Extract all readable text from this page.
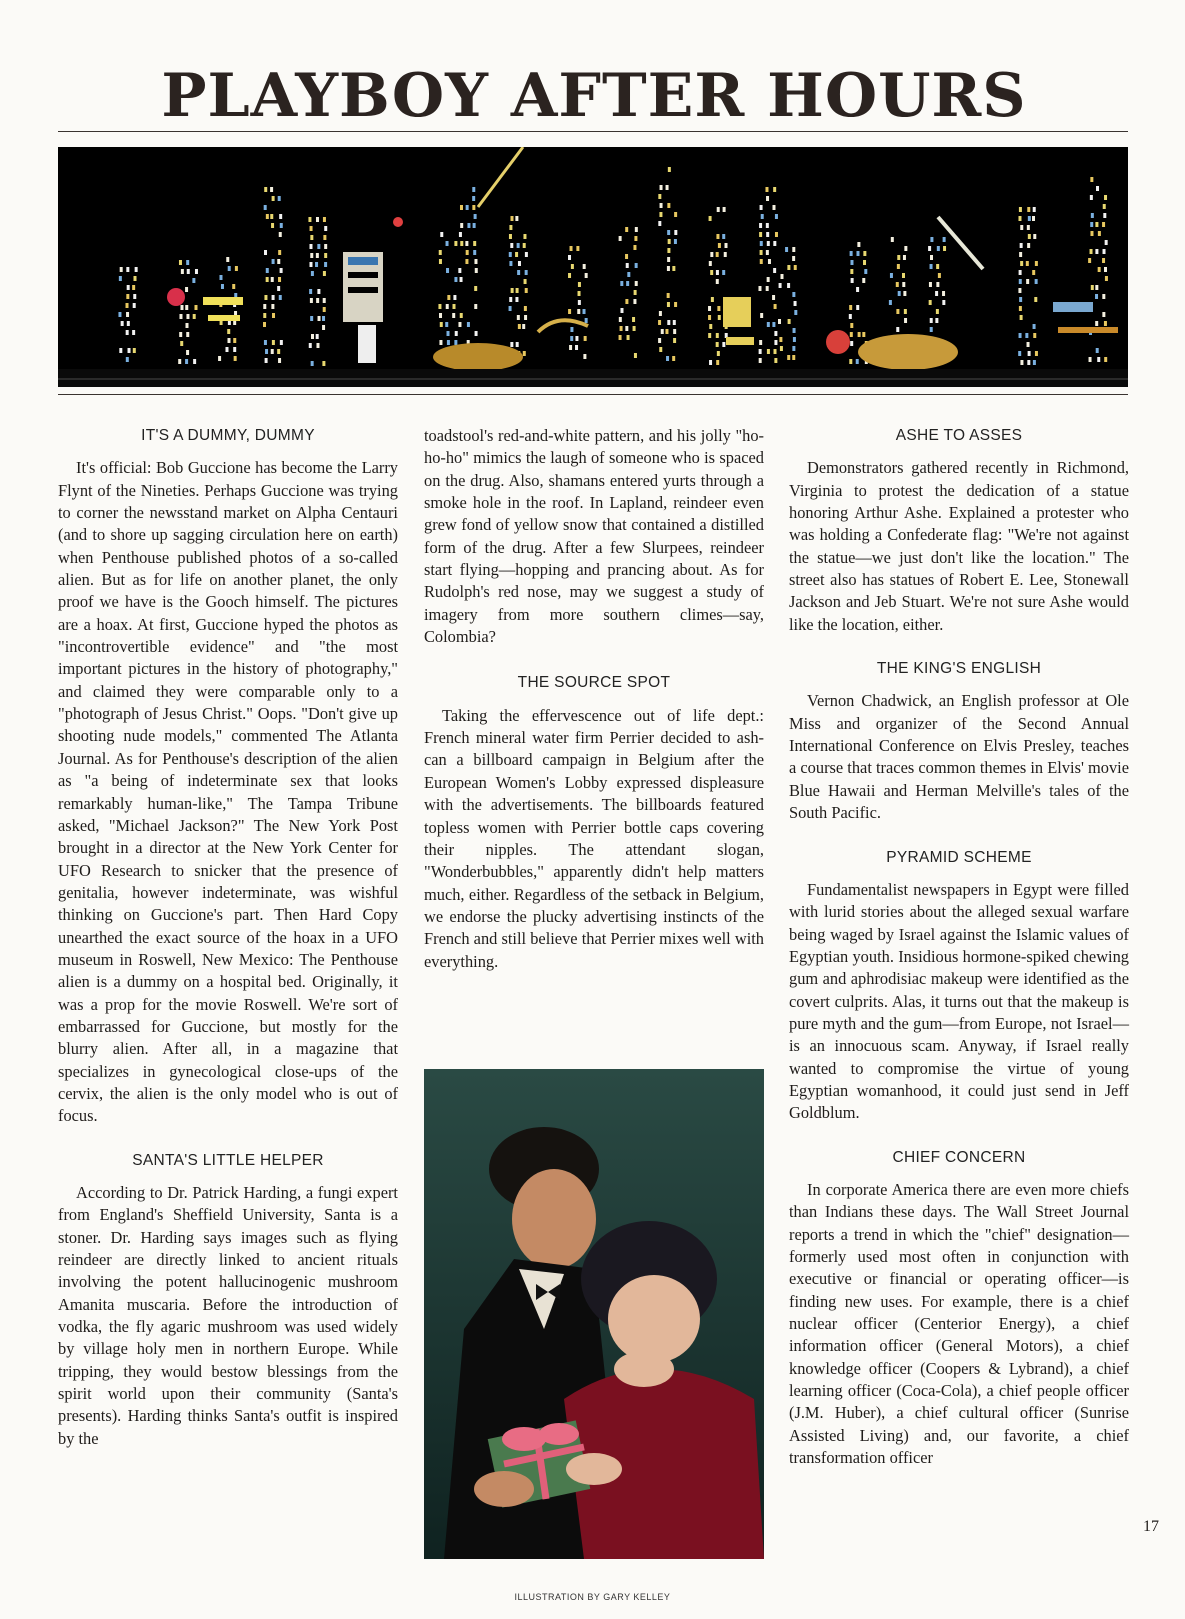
PLAYBOY AFTER HOURS
IT'S A DUMMY, DUMMY

It's official: Bob Guccione has become the Larry Flynt of the Nineties. Perhaps Guccione was trying to corner the newsstand market on Alpha Centauri (and to shore up sagging circulation here on earth) when Penthouse published photos of a so-called alien. But as for life on another planet, the only proof we have is the Gooch himself. The pictures are a hoax. At first, Guccione hyped the photos as "incontrovertible evidence" and "the most important pictures in the history of photography," and claimed they were comparable only to a "photograph of Jesus Christ." Oops. "Don't give up shooting nude models," commented The Atlanta Journal. As for Penthouse's description of the alien as "a being of indeterminate sex that looks remarkably human-like," The Tampa Tribune asked, "Michael Jackson?" The New York Post brought in a director at the New York Center for UFO Research to snicker that the presence of genitalia, however indeterminate, was wishful thinking on Guccione's part. Then Hard Copy unearthed the exact source of the hoax in a UFO museum in Roswell, New Mexico: The Penthouse alien is a dummy on a hospital bed. Originally, it was a prop for the movie Roswell. We're sort of embarrassed for Guccione, but mostly for the blurry alien. After all, in a magazine that specializes in gynecological close-ups of the cervix, the alien is the only model who is out of focus.

SANTA'S LITTLE HELPER

According to Dr. Patrick Harding, a fungi expert from England's Sheffield University, Santa is a stoner. Dr. Harding says images such as flying reindeer are directly linked to ancient rituals involving the potent hallucinogenic mushroom Amanita muscaria. Before the introduction of vodka, the fly agaric mushroom was used widely by village holy men in northern Europe. While tripping, they would bestow blessings from the spirit world upon their community (Santa's presents). Harding thinks Santa's outfit is inspired by the

toadstool's red-and-white pattern, and his jolly "ho-ho-ho" mimics the laugh of someone who is spaced on the drug. Also, shamans entered yurts through a smoke hole in the roof. In Lapland, reindeer even grew fond of yellow snow that contained a distilled form of the drug. After a few Slurpees, reindeer start flying—hopping and prancing about. As for Rudolph's red nose, may we suggest a study of imagery from more southern climes—say, Colombia?

THE SOURCE SPOT

Taking the effervescence out of life dept.: French mineral water firm Perrier decided to ash-can a billboard campaign in Belgium after the European Women's Lobby expressed displeasure with the advertisements. The billboards featured topless women with Perrier bottle caps covering their nipples. The attendant slogan, "Wonderbubbles," apparently didn't help matters much, either. Regardless of the setback in Belgium, we endorse the plucky advertising instincts of the French and still believe that Perrier mixes well with everything.

ASHE TO ASSES

Demonstrators gathered recently in Richmond, Virginia to protest the dedication of a statue honoring Arthur Ashe. Explained a protester who was holding a Confederate flag: "We're not against the statue—we just don't like the location." The street also has statues of Robert E. Lee, Stonewall Jackson and Jeb Stuart. We're not sure Ashe would like the location, either.

THE KING'S ENGLISH

Vernon Chadwick, an English professor at Ole Miss and organizer of the Second Annual International Conference on Elvis Presley, teaches a course that traces common themes in Elvis' movie Blue Hawaii and Herman Melville's tales of the South Pacific.

PYRAMID SCHEME

Fundamentalist newspapers in Egypt were filled with lurid stories about the alleged sexual warfare being waged by Israel against the Islamic values of Egyptian youth. Insidious hormone-spiked chewing gum and aphrodisiac makeup were identified as the covert culprits. Alas, it turns out that the makeup is pure myth and the gum—from Europe, not Israel—is an innocuous scam. Anyway, if Israel really wanted to compromise the virtue of young Egyptian womanhood, it could just send in Jeff Goldblum.

CHIEF CONCERN

In corporate America there are even more chiefs than Indians these days. The Wall Street Journal reports a trend in which the "chief" designation—formerly used most often in conjunction with executive or financial or operating officer—is finding new uses. For example, there is a chief nuclear officer (Centerior Energy), a chief information officer (General Motors), a chief knowledge officer (Coopers & Lybrand), a chief learning officer (Coca-Cola), a chief people officer (J.M. Huber), a chief cultural officer (Sunrise Assisted Living) and, our favorite, a chief transformation officer

17
ILLUSTRATION BY GARY KELLEY
